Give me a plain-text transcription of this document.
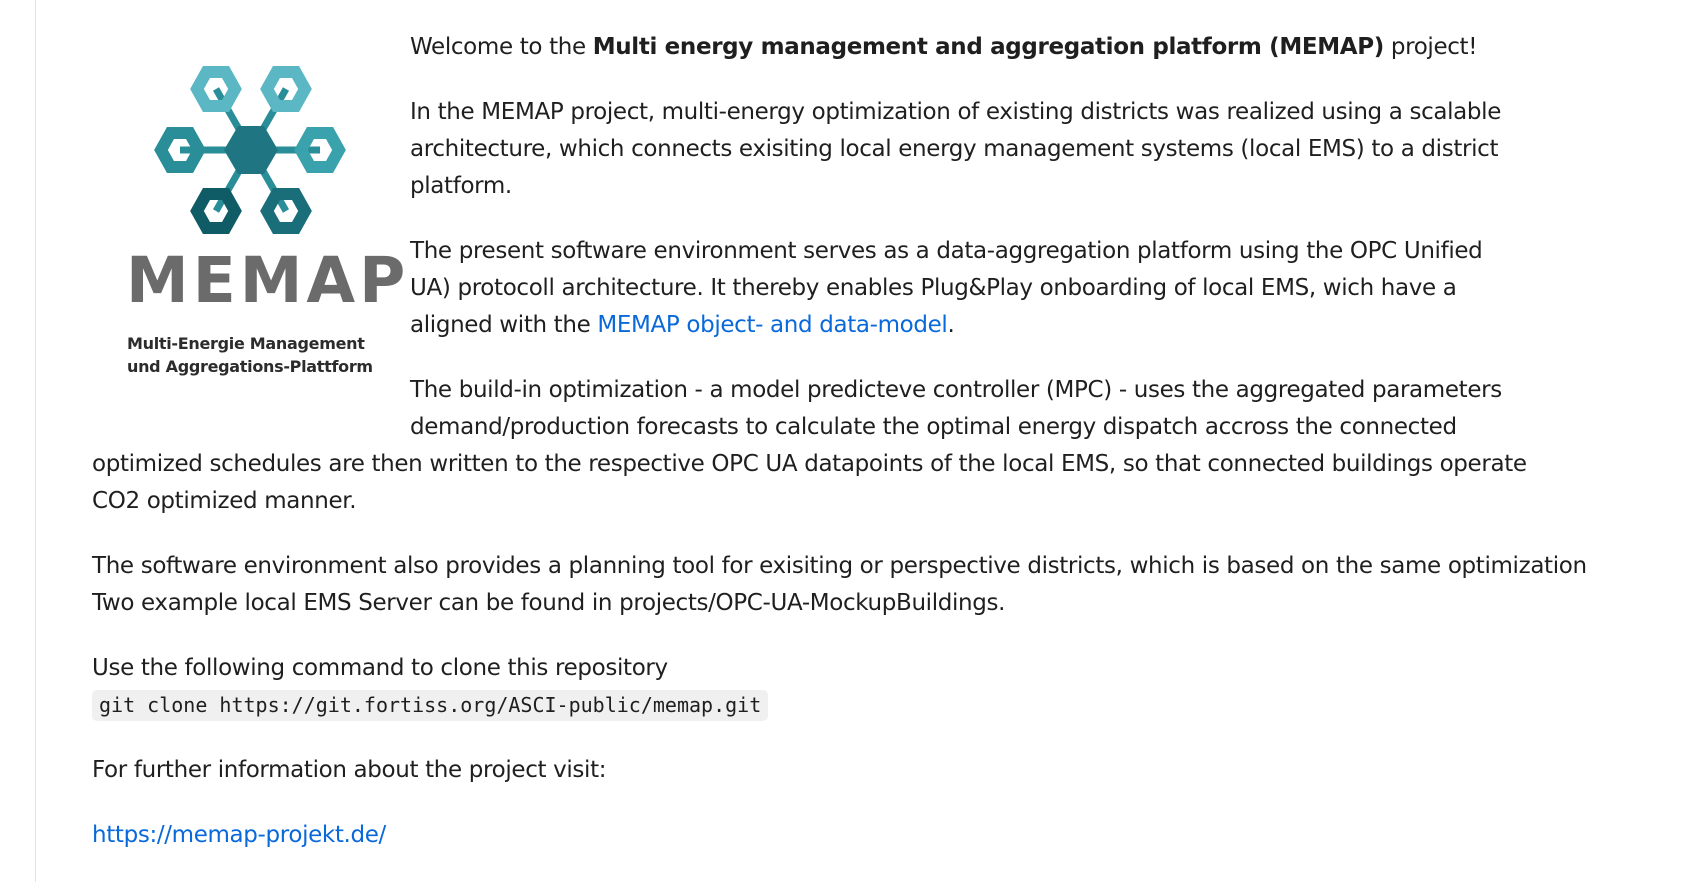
MEMAP
Multi-Energie Management
und Aggregations-Plattform

Welcome to the Multi energy management and aggregation platform (MEMAP) project!

In the MEMAP project, multi-energy optimization of existing districts was realized using a scalable
architecture, which connects exisiting local energy management systems (local EMS) to a district
platform.

The present software environment serves as a data-aggregation platform using the OPC Unified
UA) protocoll architecture. It thereby enables Plug&Play onboarding of local EMS, wich have a
aligned with the MEMAP object- and data-model.

The build-in optimization - a model predicteve controller (MPC) - uses the aggregated parameters
demand/production forecasts to calculate the optimal energy dispatch accross the connected
optimized schedules are then written to the respective OPC UA datapoints of the local EMS, so that connected buildings operate
CO2 optimized manner.

The software environment also provides a planning tool for exisiting or perspective districts, which is based on the same optimization
Two example local EMS Server can be found in projects/OPC-UA-MockupBuildings.

Use the following command to clone this repository
git clone https://git.fortiss.org/ASCI-public/memap.git

For further information about the project visit:

https://memap-projekt.de/
